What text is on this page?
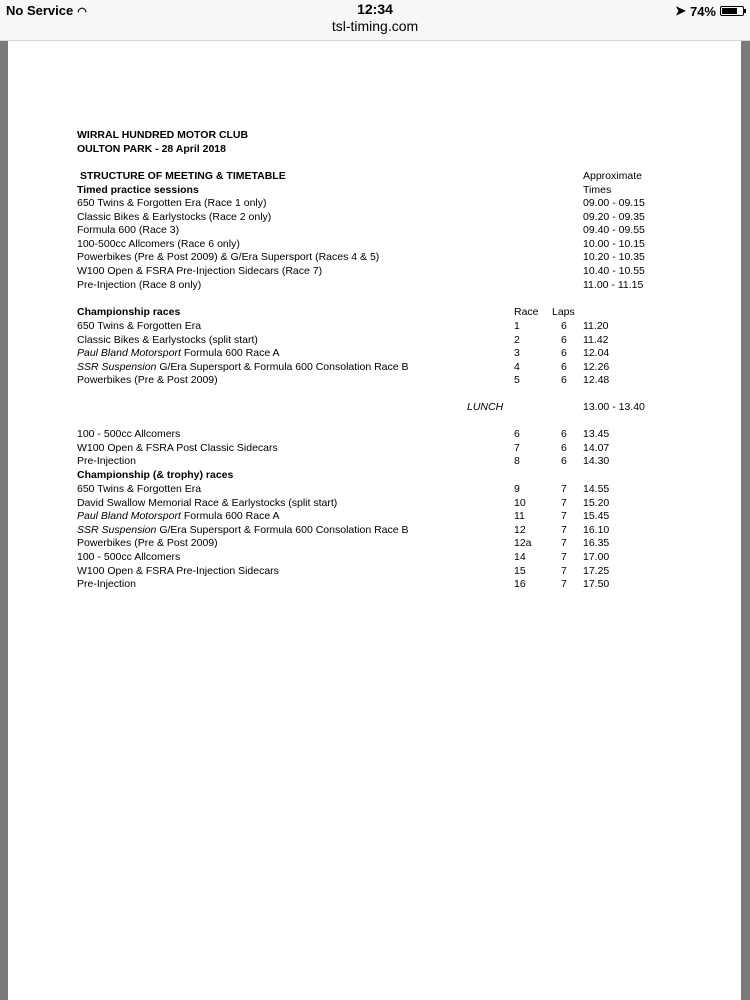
No Service ◠	12:34
tsl-timing.com
➤ 74%
WIRRAL HUNDRED MOTOR CLUB
OULTON PARK - 28 April 2018
STRUCTURE OF MEETING & TIMETABLE	Approximate
Timed practice sessions	Times
650 Twins & Forgotten Era (Race 1 only)	09.00 - 09.15
Classic Bikes & Earlystocks (Race 2 only)	09.20 - 09.35
Formula 600 (Race 3)	09.40 - 09.55
100-500cc Allcomers (Race 6 only)	10.00 - 10.15
Powerbikes (Pre & Post 2009) & G/Era Supersport (Races 4 & 5)	10.20 - 10.35
W100 Open & FSRA Pre-Injection Sidecars (Race 7)	10.40 - 10.55
Pre-Injection (Race 8 only)	11.00 - 11.15
Championship races	Race Laps
650 Twins & Forgotten Era	1	6 11.20
Classic Bikes & Earlystocks (split start)	2	6 11.42
Paul Bland Motorsport Formula 600 Race A	3	6 12.04
SSR Suspension G/Era Supersport & Formula 600 Consolation Race B	4	6 12.26
Powerbikes (Pre & Post 2009)	5	6 12.48
LUNCH	13.00 - 13.40
100 - 500cc Allcomers	6	6 13.45
W100 Open & FSRA Post Classic Sidecars	7	6 14.07
Pre-Injection	8	6 14.30
Championship (& trophy) races
650 Twins & Forgotten Era	9	7 14.55
David Swallow Memorial Race & Earlystocks (split start)	10	7 15.20
Paul Bland Motorsport Formula 600 Race A	11	7 15.45
SSR Suspension G/Era Supersport & Formula 600 Consolation Race B	12	7 16.10
Powerbikes (Pre & Post 2009)	12a	7 16.35
100 - 500cc Allcomers	14	7 17.00
W100 Open & FSRA Pre-Injection Sidecars	15	7 17.25
Pre-Injection	16	7 17.50
